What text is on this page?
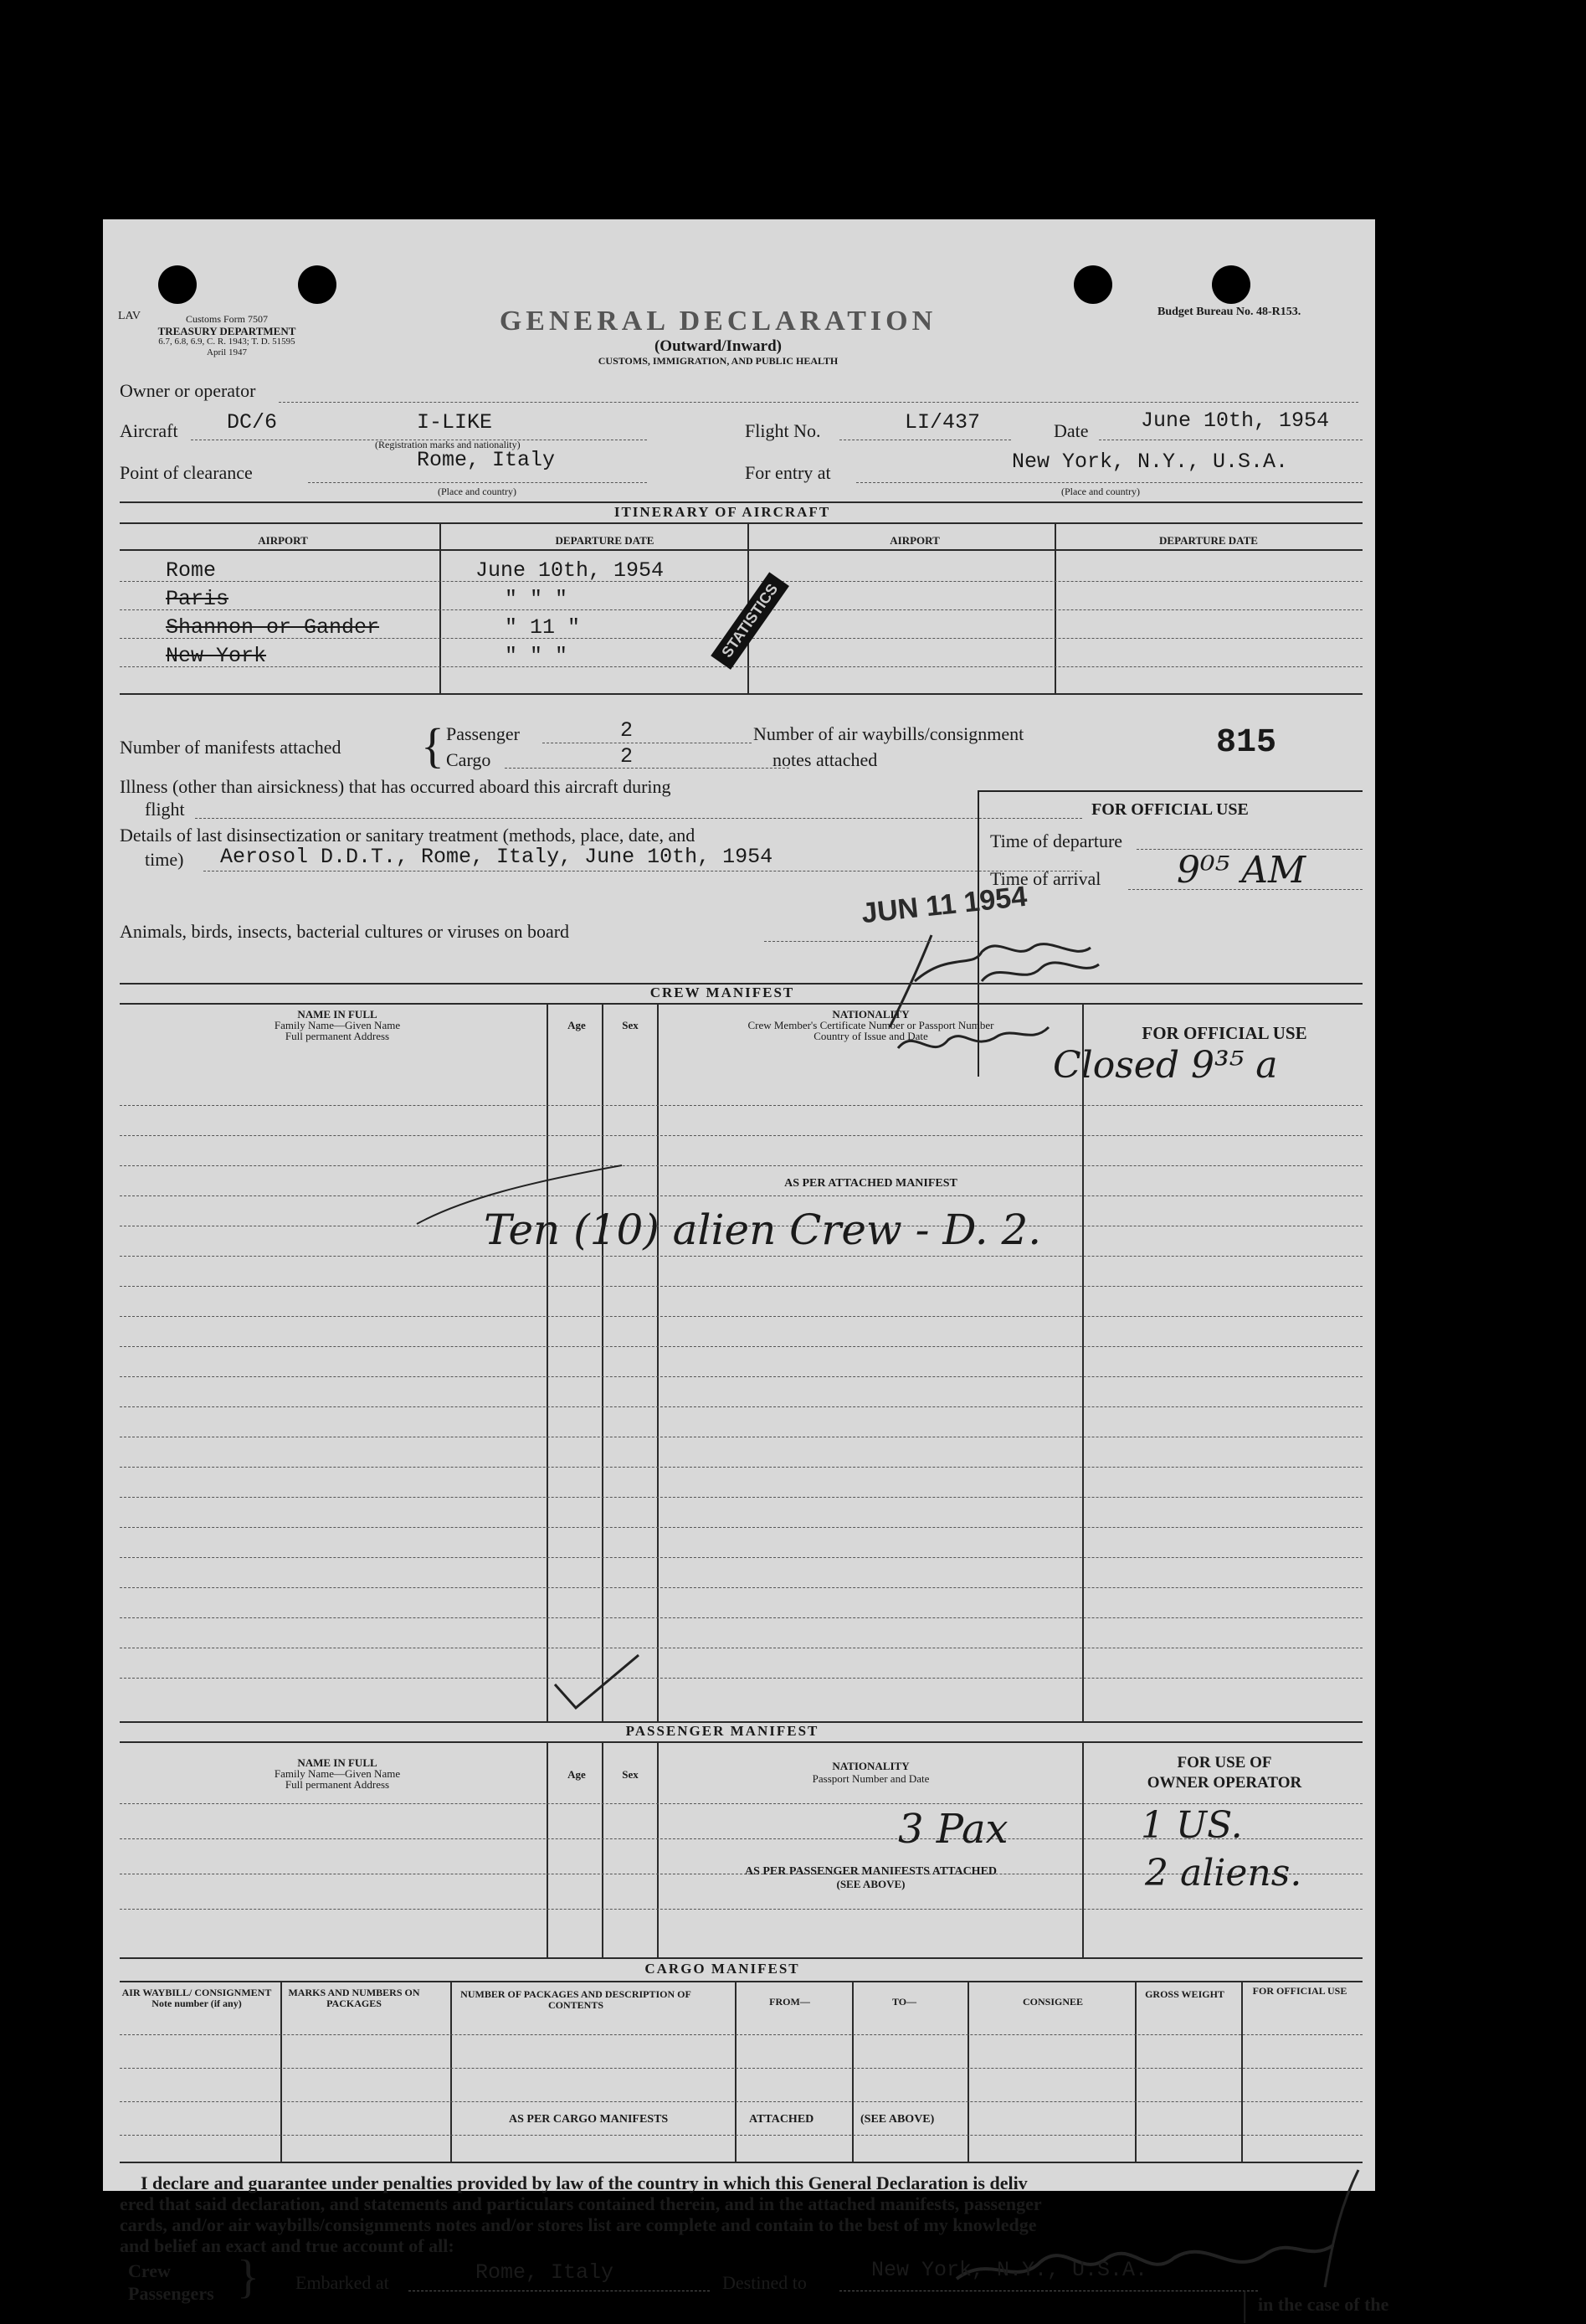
LAV	Customs Form 7507
TREASURY DEPARTMENT
6.7, 6.8, 6.9, C. R. 1943; T. D. 51595
April 1947
GENERAL DECLARATION
(Outward/Inward)
CUSTOMS, IMMIGRATION, AND PUBLIC HEALTH
Budget Bureau No. 48-R153.
Owner or operator
Aircraft DC/6	I-LIKE
(Registration marks and nationality)
Flight No.	LI/437	Date June 10th, 1954
Point of clearance
Rome, Italy
(Place and country)
For entry at	New York, N.Y., U.S.A.
(Place and country)
ITINERARY OF AIRCRAFT
AIRPORT	DEPARTURE DATE	AIRPORT	DEPARTURE DATE
Rome	June 10th, 1954
Paris	" " "
Shannon or Gander	" 11 "
New York	" " "	STATISTICS
Number of manifests attached { Passenger	2
Cargo	2
Number of air waybills/consignment
notes attached	815
Illness (other than airsickness) that has occurred aboard this aircraft during
flight
Details of last disinsectization or sanitary treatment (methods, place, date, and
time) Aerosol D.D.T., Rome, Italy, June 10th, 1954
FOR OFFICIAL USE
Time of departure
Time of arrival 9⁰⁵ AM
JUN 11 1954
Animals, birds, insects, bacterial cultures or viruses on board
CREW MANIFEST
NAME IN FULL
Family Name—Given Name
Full permanent Address
Age	Sex
NATIONALITY
Crew Member's Certificate Number or Passport Number
Country of Issue and Date	FOR OFFICIAL USE
Closed 9³⁵ a
AS PER ATTACHED MANIFEST
Ten (10) alien Crew - D. 2.
PASSENGER MANIFEST
NAME IN FULL
Family Name—Given Name
Full permanent Address
Age	Sex
NATIONALITY
Passport Number and Date
FOR USE OF
OWNER OPERATOR
3 Pax	1 US.
2 aliens.
AS PER PASSENGER MANIFESTS ATTACHED
(SEE ABOVE)
CARGO MANIFEST
AIR WAYBILL/ CONSIGNMENT Note number (if any)
MARKS AND NUMBERS ON PACKAGES
NUMBER OF PACKAGES AND DESCRIPTION OF CONTENTS	FROM—	TO—	CONSIGNEE
GROSS WEIGHT	FOR OFFICIAL USE
AS PER CARGO MANIFESTS	ATTACHED	(SEE ABOVE)
I declare and guarantee under penalties provided by law of the country in which this General Declaration is deliv
ered that said declaration, and statements and particulars contained therein, and in the attached manifests, passenger
cards, and/or air waybills/consignments notes and/or stores list are complete and contain to the best of my knowledge
and belief an exact and true account of all:
Crew
Passengers } Embarked at	Rome, Italy	Destined to
New York, N.Y., U.S.A.
| in the case of the
